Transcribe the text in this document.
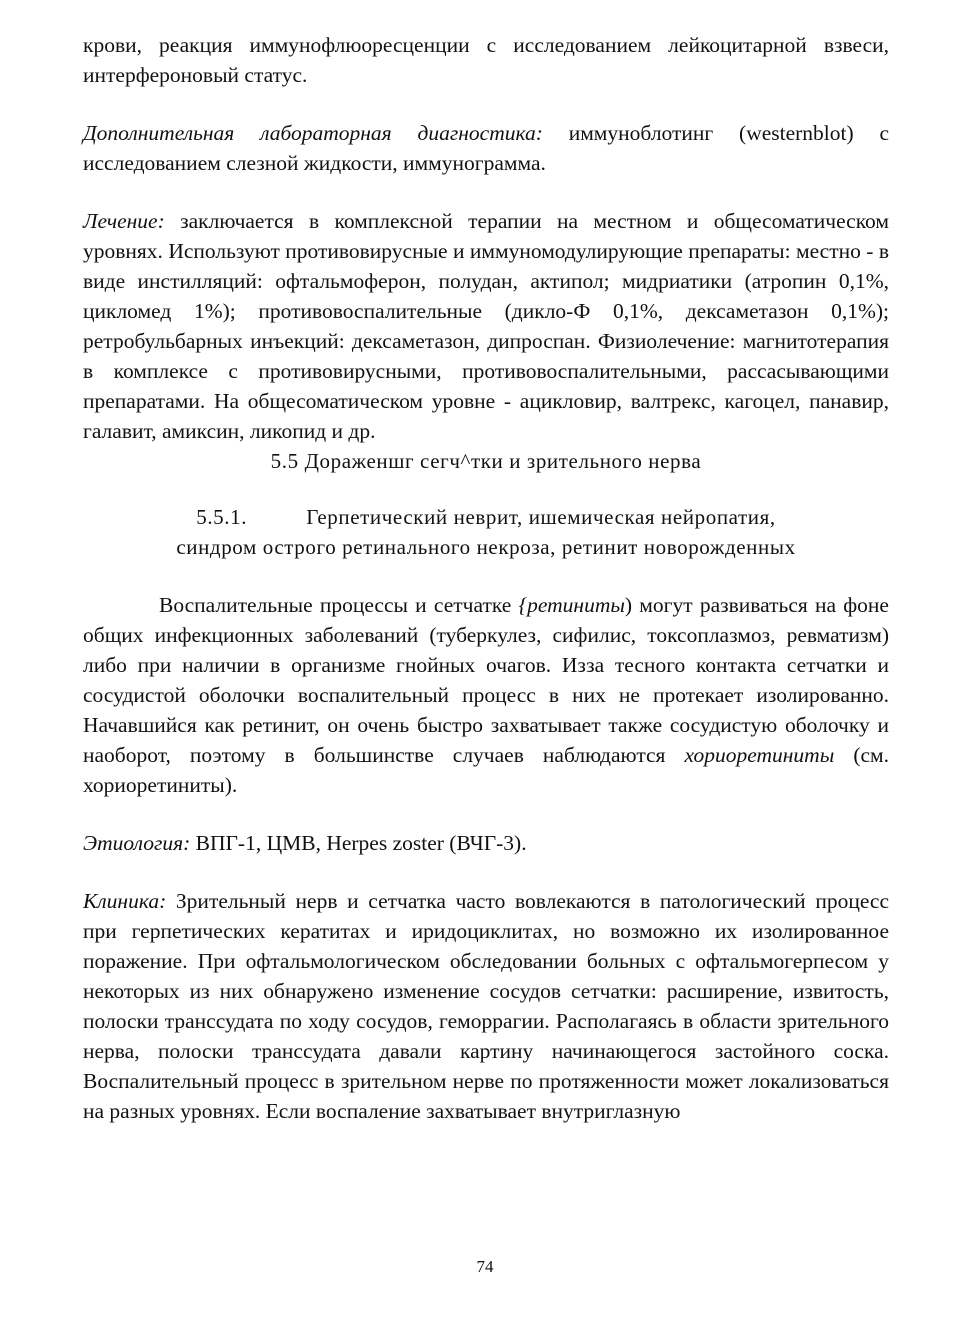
крови, реакция иммунофлюоресценции с исследованием лейкоцитарной взвеси, интерфероновый статус.

Дополнительная лабораторная диагностика: иммуноблотинг (westernblot) с исследованием слезной жидкости, иммунограмма.

Лечение: заключается в комплексной терапии на местном и общесоматическом уровнях. Используют противовирусные и иммуномодулирующие препараты: местно - в виде инстилляций: офтальмоферон, полудан, актипол; мидриатики (атропин 0,1%, цикломед 1%); противовоспалительные (дикло-Ф 0,1%, дексаметазон 0,1%); ретробульбарных инъекций: дексаметазон, дипроспан. Физиолечение: магнитотерапия в комплексе с противовирусными, противовоспалительными, рассасывающими препаратами. На общесоматическом уровне - ацикловир, валтрекс, кагоцел, панавир, галавит, амиксин, ликопид и др.

5.5 Дораженшг сегч^тки и зрительного нерва

5.5.1.	Герпетический неврит, ишемическая нейропатия,

синдром острого ретинального некроза, ретинит новорожденных

Воспалительные процессы и сетчатке {ретиниты) могут развиваться на фоне общих инфекционных заболеваний (туберкулез, сифилис, токсоплазмоз, ревматизм) либо при наличии в организме гнойных очагов. Изза тесного контакта сетчатки и сосудистой оболочки воспалительный процесс в них не протекает изолированно. Начавшийся как ретинит, он очень быстро захватывает также сосудистую оболочку и наоборот, поэтому в большинстве случаев наблюдаются хориоретиниты (см. хориоретиниты).

Этиология: ВПГ-1, ЦМВ, Herpes zoster (ВЧГ-3).

Клиника: Зрительный нерв и сетчатка часто вовлекаются в патологический процесс при герпетических кератитах и иридоциклитах, но возможно их изолированное поражение. При офтальмологическом обследовании больных с офтальмогерпесом у некоторых из них обнаружено изменение сосудов сетчатки: расширение, извитость, полоски транссудата по ходу сосудов, геморрагии. Располагаясь в области зрительного нерва, полоски транссудата давали картину начинающегося застойного соска. Воспалительный процесс в зрительном нерве по протяженности может локализоваться на разных уровнях. Если воспаление захватывает внутриглазную

74
